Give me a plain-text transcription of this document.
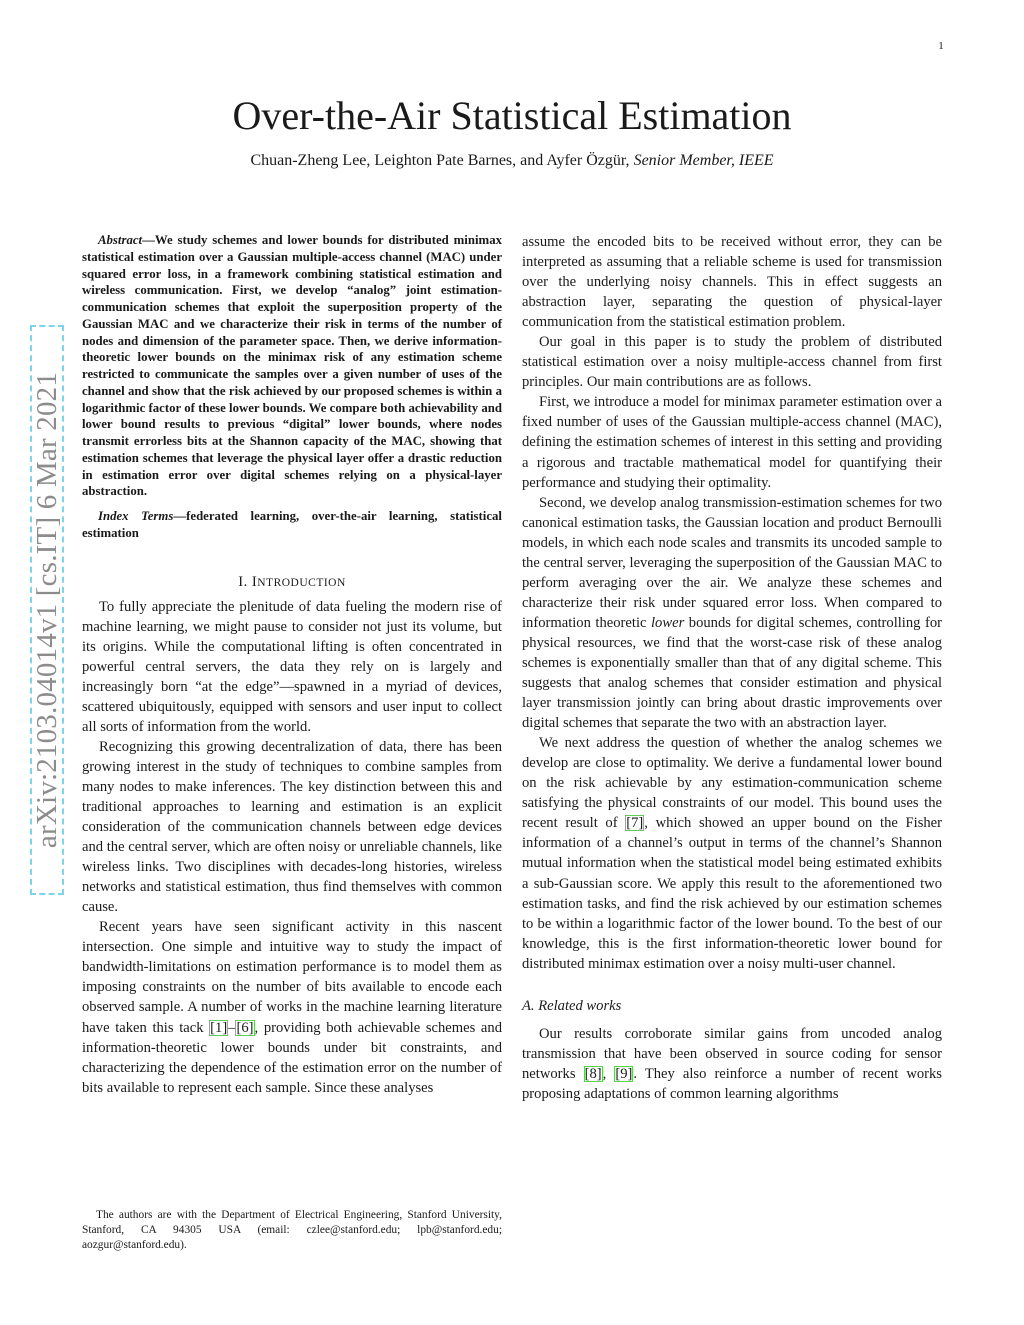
1
Over-the-Air Statistical Estimation
Chuan-Zheng Lee, Leighton Pate Barnes, and Ayfer Özgür, Senior Member, IEEE
arXiv:2103.04014v1 [cs.IT] 6 Mar 2021

Abstract—We study schemes and lower bounds for distributed minimax statistical estimation over a Gaussian multiple-access channel (MAC) under squared error loss, in a framework combining statistical estimation and wireless communication. First, we develop “analog” joint estimation-communication schemes that exploit the superposition property of the Gaussian MAC and we characterize their risk in terms of the number of nodes and dimension of the parameter space. Then, we derive information-theoretic lower bounds on the minimax risk of any estimation scheme restricted to communicate the samples over a given number of uses of the channel and show that the risk achieved by our proposed schemes is within a logarithmic factor of these lower bounds. We compare both achievability and lower bound results to previous “digital” lower bounds, where nodes transmit errorless bits at the Shannon capacity of the MAC, showing that estimation schemes that leverage the physical layer offer a drastic reduction in estimation error over digital schemes relying on a physical-layer abstraction.

Index Terms—federated learning, over-the-air learning, statistical estimation

I. INTRODUCTION

To fully appreciate the plenitude of data fueling the modern rise of machine learning, we might pause to consider not just its volume, but its origins. While the computational lifting is often concentrated in powerful central servers, the data they rely on is largely and increasingly born “at the edge”—spawned in a myriad of devices, scattered ubiquitously, equipped with sensors and user input to collect all sorts of information from the world.

Recognizing this growing decentralization of data, there has been growing interest in the study of techniques to combine samples from many nodes to make inferences. The key distinction between this and traditional approaches to learning and estimation is an explicit consideration of the communication channels between edge devices and the central server, which are often noisy or unreliable channels, like wireless links. Two disciplines with decades-long histories, wireless networks and statistical estimation, thus find themselves with common cause.

Recent years have seen significant activity in this nascent intersection. One simple and intuitive way to study the impact of bandwidth-limitations on estimation performance is to model them as imposing constraints on the number of bits available to encode each observed sample. A number of works in the machine learning literature have taken this tack [1]–[6], providing both achievable schemes and information-theoretic lower bounds under bit constraints, and characterizing the dependence of the estimation error on the number of bits available to represent each sample. Since these analyses

The authors are with the Department of Electrical Engineering, Stanford University, Stanford, CA 94305 USA (email: czlee@stanford.edu; lpb@stanford.edu; aozgur@stanford.edu).

assume the encoded bits to be received without error, they can be interpreted as assuming that a reliable scheme is used for transmission over the underlying noisy channels. This in effect suggests an abstraction layer, separating the question of physical-layer communication from the statistical estimation problem.

Our goal in this paper is to study the problem of distributed statistical estimation over a noisy multiple-access channel from first principles. Our main contributions are as follows.

First, we introduce a model for minimax parameter estimation over a fixed number of uses of the Gaussian multiple-access channel (MAC), defining the estimation schemes of interest in this setting and providing a rigorous and tractable mathematical model for quantifying their performance and studying their optimality.

Second, we develop analog transmission-estimation schemes for two canonical estimation tasks, the Gaussian location and product Bernoulli models, in which each node scales and transmits its uncoded sample to the central server, leveraging the superposition of the Gaussian MAC to perform averaging over the air. We analyze these schemes and characterize their risk under squared error loss. When compared to information theoretic lower bounds for digital schemes, controlling for physical resources, we find that the worst-case risk of these analog schemes is exponentially smaller than that of any digital scheme. This suggests that analog schemes that consider estimation and physical layer transmission jointly can bring about drastic improvements over digital schemes that separate the two with an abstraction layer.

We next address the question of whether the analog schemes we develop are close to optimality. We derive a fundamental lower bound on the risk achievable by any estimation-communication scheme satisfying the physical constraints of our model. This bound uses the recent result of [7], which showed an upper bound on the Fisher information of a channel’s output in terms of the channel’s Shannon mutual information when the statistical model being estimated exhibits a sub-Gaussian score. We apply this result to the aforementioned two estimation tasks, and find the risk achieved by our estimation schemes to be within a logarithmic factor of the lower bound. To the best of our knowledge, this is the first information-theoretic lower bound for distributed minimax estimation over a noisy multi-user channel.

A. Related works

Our results corroborate similar gains from uncoded analog transmission that have been observed in source coding for sensor networks [8], [9]. They also reinforce a number of recent works proposing adaptations of common learning algorithms
